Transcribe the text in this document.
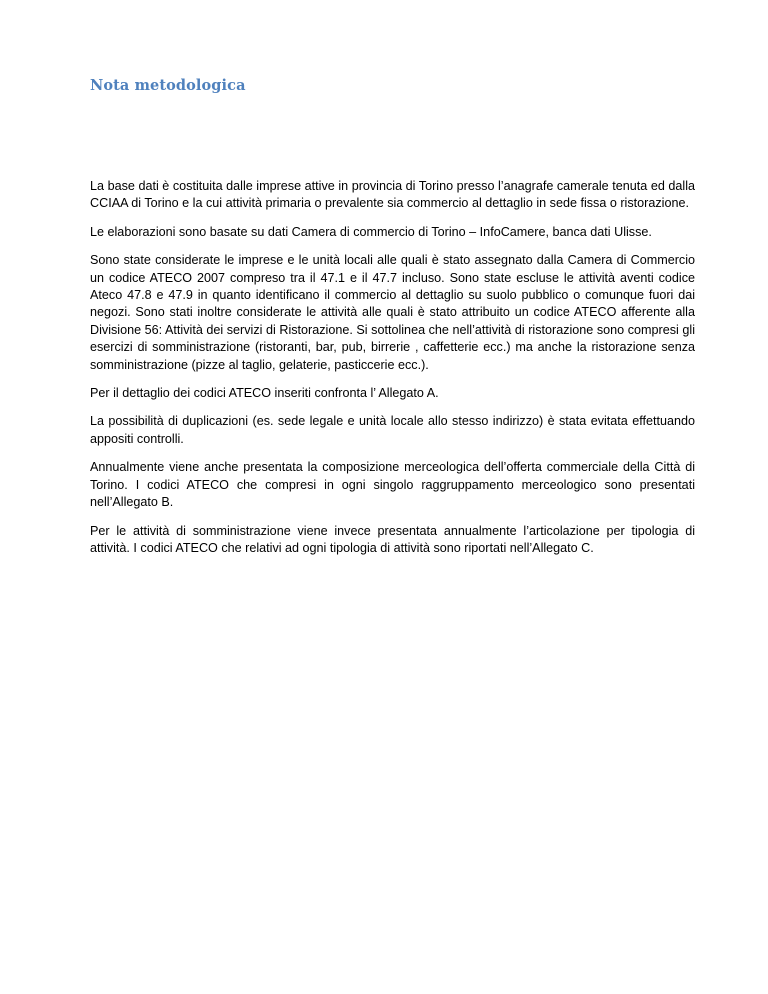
Nota metodologica

La base dati è costituita dalle imprese attive in provincia di Torino presso l’anagrafe camerale tenuta ed dalla CCIAA di Torino e la cui attività primaria o prevalente sia commercio al dettaglio in sede fissa o ristorazione.

Le elaborazioni sono basate su dati Camera di commercio di Torino – InfoCamere, banca dati Ulisse.

Sono state considerate le imprese e le unità locali alle quali è stato assegnato dalla Camera di Commercio un codice ATECO 2007 compreso tra il 47.1 e il 47.7 incluso. Sono state escluse le attività aventi codice Ateco 47.8 e 47.9 in quanto identificano il commercio al dettaglio su suolo pubblico o comunque fuori dai negozi. Sono stati inoltre considerate le attività alle quali è stato attribuito un codice ATECO afferente alla Divisione 56: Attività dei servizi di Ristorazione. Si sottolinea che nell’attività di ristorazione sono compresi gli esercizi di somministrazione (ristoranti, bar, pub, birrerie , caffetterie ecc.) ma anche la ristorazione senza somministrazione (pizze al taglio, gelaterie, pasticcerie ecc.).

Per il dettaglio dei codici ATECO inseriti confronta l’ Allegato A.

La possibilità di duplicazioni (es. sede legale e unità locale allo stesso indirizzo) è stata evitata effettuando appositi controlli.

Annualmente viene anche presentata la composizione merceologica dell’offerta commerciale della Città di Torino. I codici ATECO che compresi in ogni singolo raggruppamento merceologico sono presentati nell’Allegato B.

Per le attività di somministrazione viene invece presentata annualmente l’articolazione per tipologia di attività. I codici ATECO che relativi ad ogni tipologia di attività sono riportati nell’Allegato C.
